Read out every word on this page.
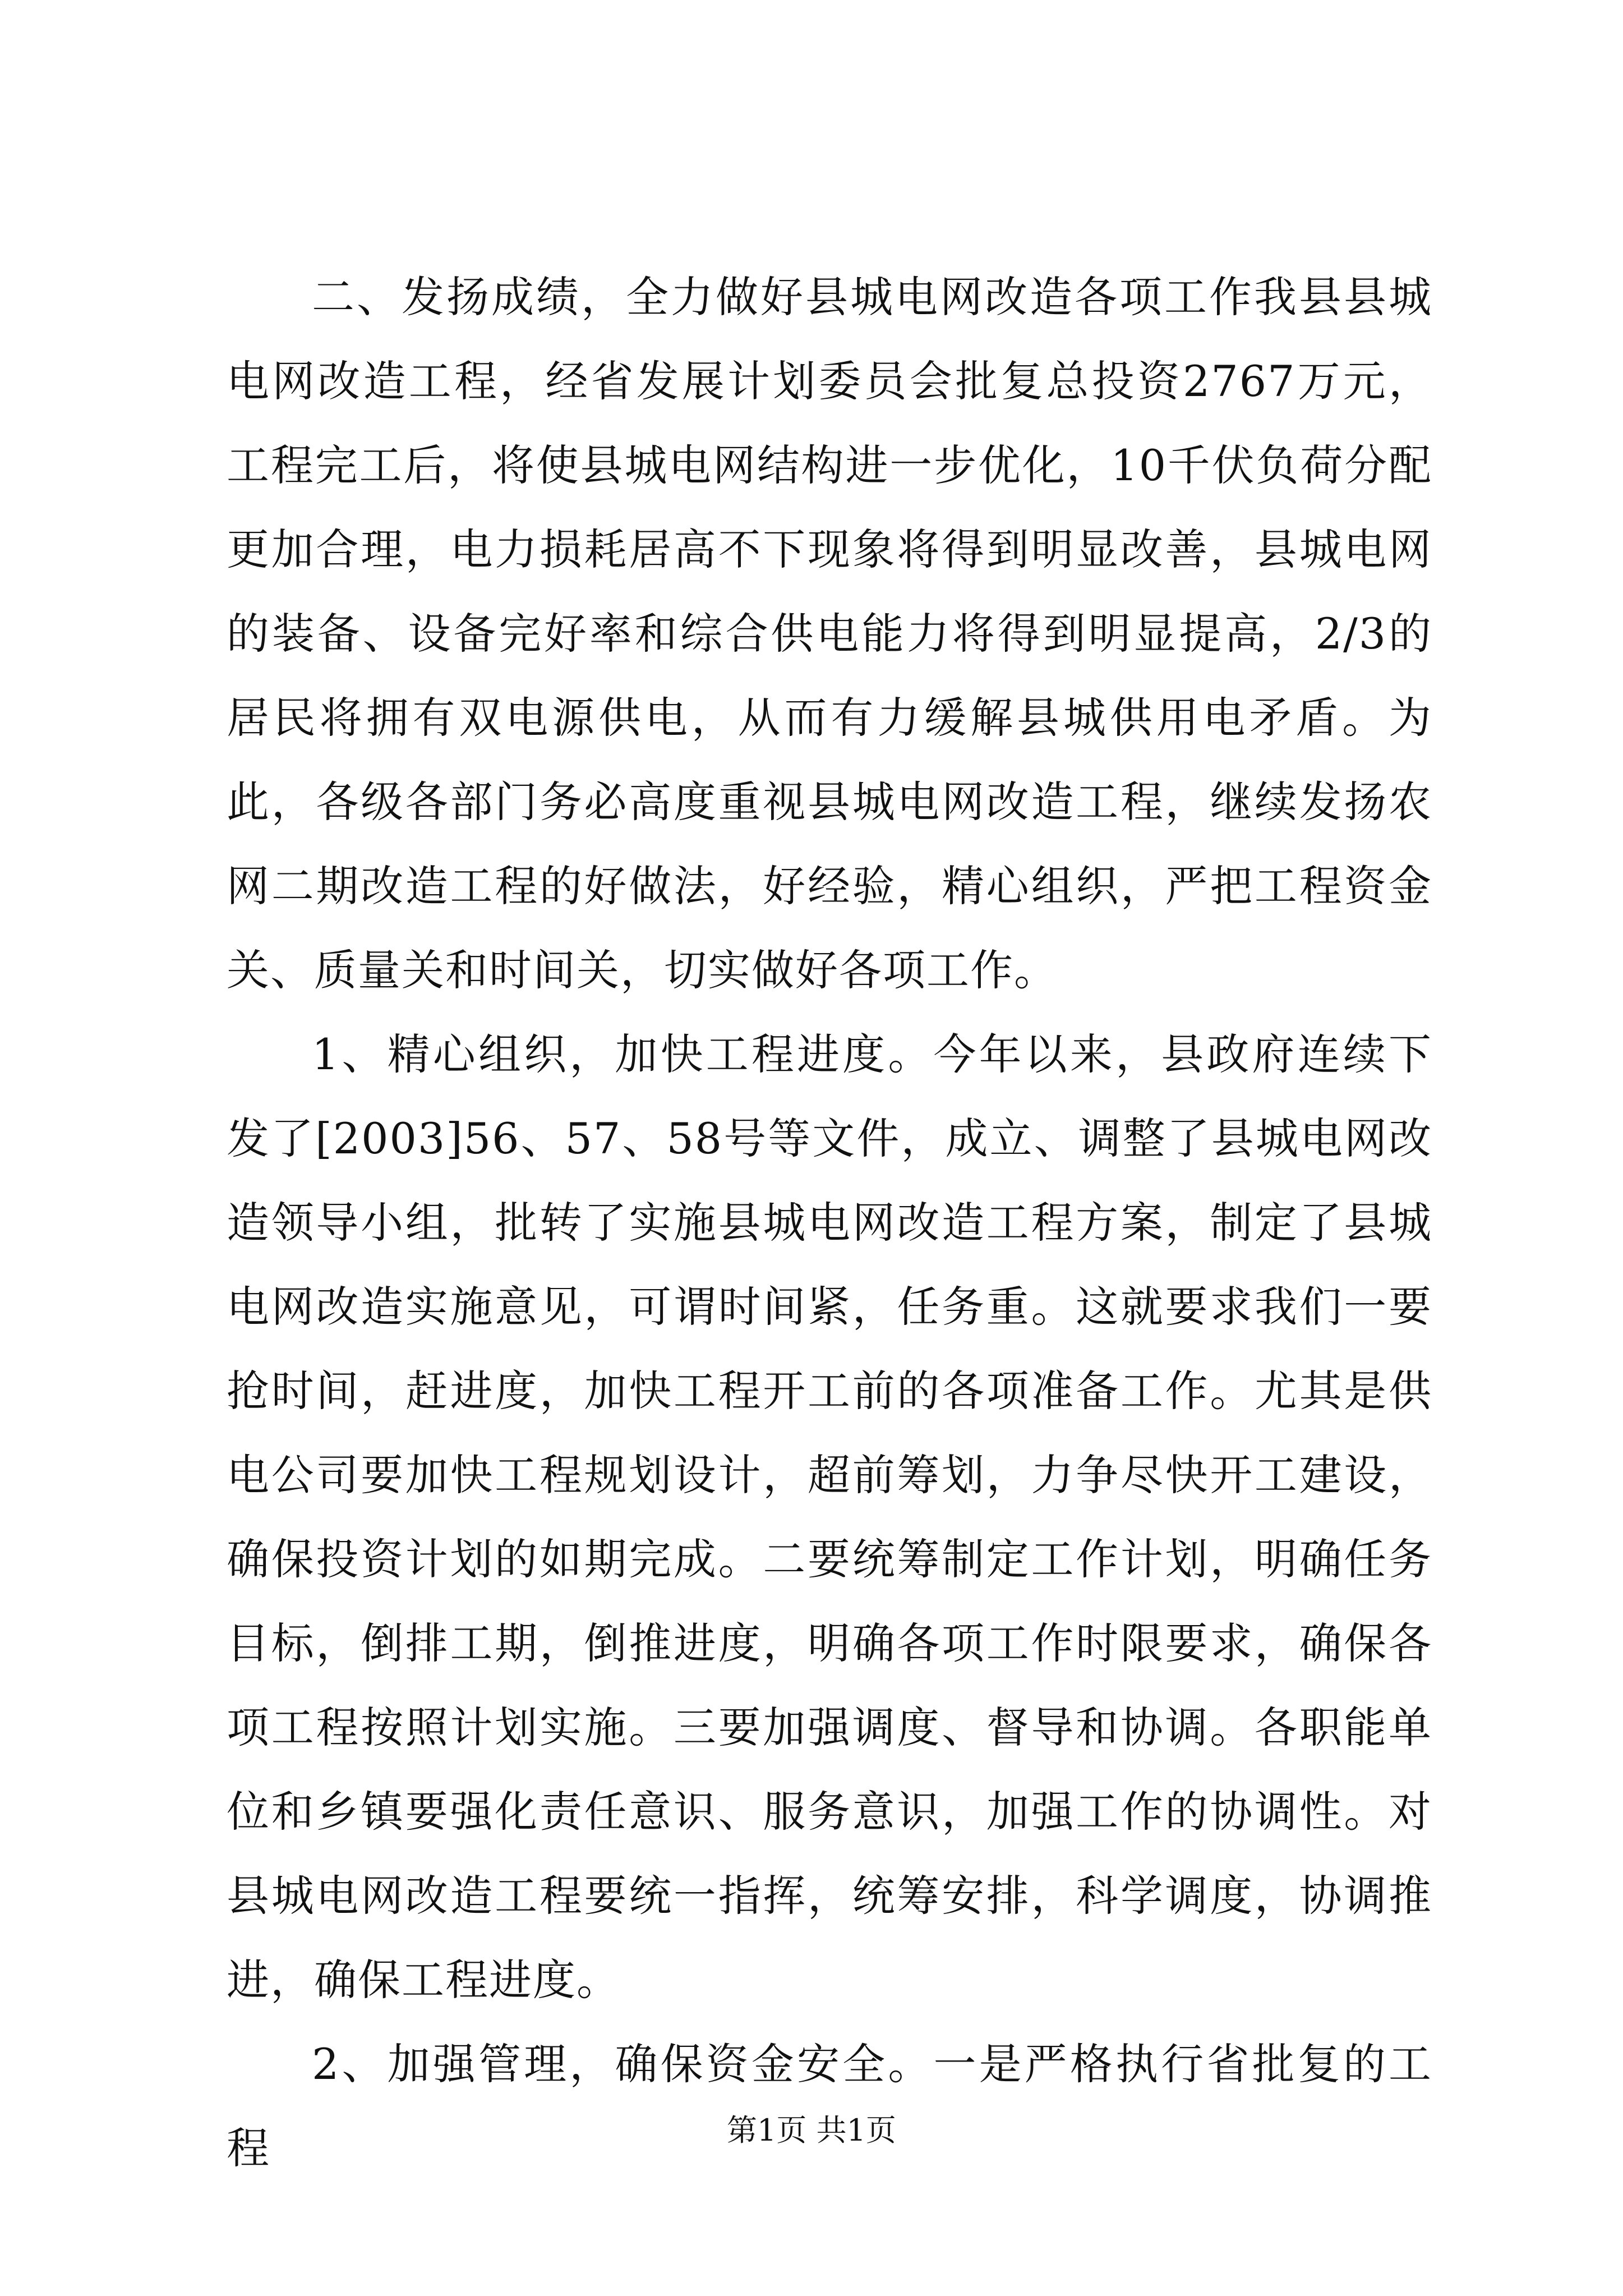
二、发扬成绩，全力做好县城电网改造各项工作我县县城电网改造工程，经省发展计划委员会批复总投资2767万元，工程完工后，将使县城电网结构进一步优化，10千伏负荷分配更加合理，电力损耗居高不下现象将得到明显改善，县城电网的装备、设备完好率和综合供电能力将得到明显提高，2/3的居民将拥有双电源供电，从而有力缓解县城供用电矛盾。为此，各级各部门务必高度重视县城电网改造工程，继续发扬农网二期改造工程的好做法，好经验，精心组织，严把工程资金关、质量关和时间关，切实做好各项工作。

1、精心组织，加快工程进度。今年以来，县政府连续下发了[2003]56、57、58号等文件，成立、调整了县城电网改造领导小组，批转了实施县城电网改造工程方案，制定了县城电网改造实施意见，可谓时间紧，任务重。这就要求我们一要抢时间，赶进度，加快工程开工前的各项准备工作。尤其是供电公司要加快工程规划设计，超前筹划，力争尽快开工建设，确保投资计划的如期完成。二要统筹制定工作计划，明确任务目标，倒排工期，倒推进度，明确各项工作时限要求，确保各项工程按照计划实施。三要加强调度、督导和协调。各职能单位和乡镇要强化责任意识、服务意识，加强工作的协调性。对县城电网改造工程要统一指挥，统筹安排，科学调度，协调推进，确保工程进度。

2、加强管理，确保资金安全。一是严格执行省批复的工程	第1页 共1页
